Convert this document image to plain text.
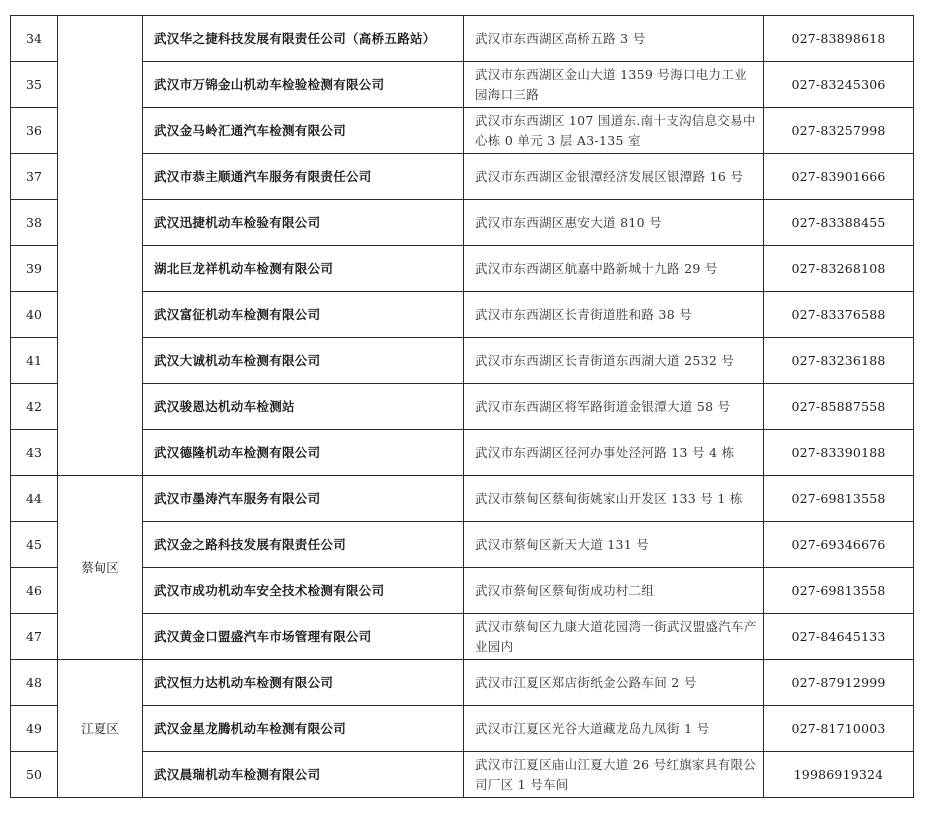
34		武汉华之捷科技发展有限责任公司（高桥五路站）	武汉市东西湖区高桥五路 3 号	027-83898618
35		武汉市万锦金山机动车检验检测有限公司	武汉市东西湖区金山大道 1359 号海口电力工业园海口三路	027-83245306
36		武汉金马岭汇通汽车检测有限公司	武汉市东西湖区 107 国道东.南十支沟信息交易中心栋 0 单元 3 层 A3-135 室	027-83257998
37		武汉市恭主顺通汽车服务有限责任公司	武汉市东西湖区金银潭经济发展区银潭路 16 号	027-83901666
38		武汉迅捷机动车检验有限公司	武汉市东西湖区惠安大道 810 号	027-83388455
39		湖北巨龙祥机动车检测有限公司	武汉市东西湖区航嘉中路新城十九路 29 号	027-83268108
40		武汉富征机动车检测有限公司	武汉市东西湖区长青街道胜和路 38 号	027-83376588
41		武汉大诚机动车检测有限公司	武汉市东西湖区长青街道东西湖大道 2532 号	027-83236188
42		武汉骏恩达机动车检测站	武汉市东西湖区将军路街道金银潭大道 58 号	027-85887558
43		武汉德隆机动车检测有限公司	武汉市东西湖区径河办事处泾河路 13 号 4 栋	027-83390188
44	蔡甸区	武汉市墨涛汽车服务有限公司	武汉市蔡甸区蔡甸街姚家山开发区 133 号 1 栋	027-69813558
45		武汉金之路科技发展有限责任公司	武汉市蔡甸区新天大道 131 号	027-69346676
46		武汉市成功机动车安全技术检测有限公司	武汉市蔡甸区蔡甸街成功村二组	027-69813558
47		武汉黄金口盟盛汽车市场管理有限公司	武汉市蔡甸区九康大道花园湾一街武汉盟盛汽车产业园内	027-84645133
48	江夏区	武汉恒力达机动车检测有限公司	武汉市江夏区郑店街纸金公路车间 2 号	027-87912999
49		武汉金星龙腾机动车检测有限公司	武汉市江夏区光谷大道藏龙岛九凤街 1 号	027-81710003
50		武汉晨瑞机动车检测有限公司	武汉市江夏区庙山江夏大道 26 号红旗家具有限公司厂区 1 号车间	19986919324
